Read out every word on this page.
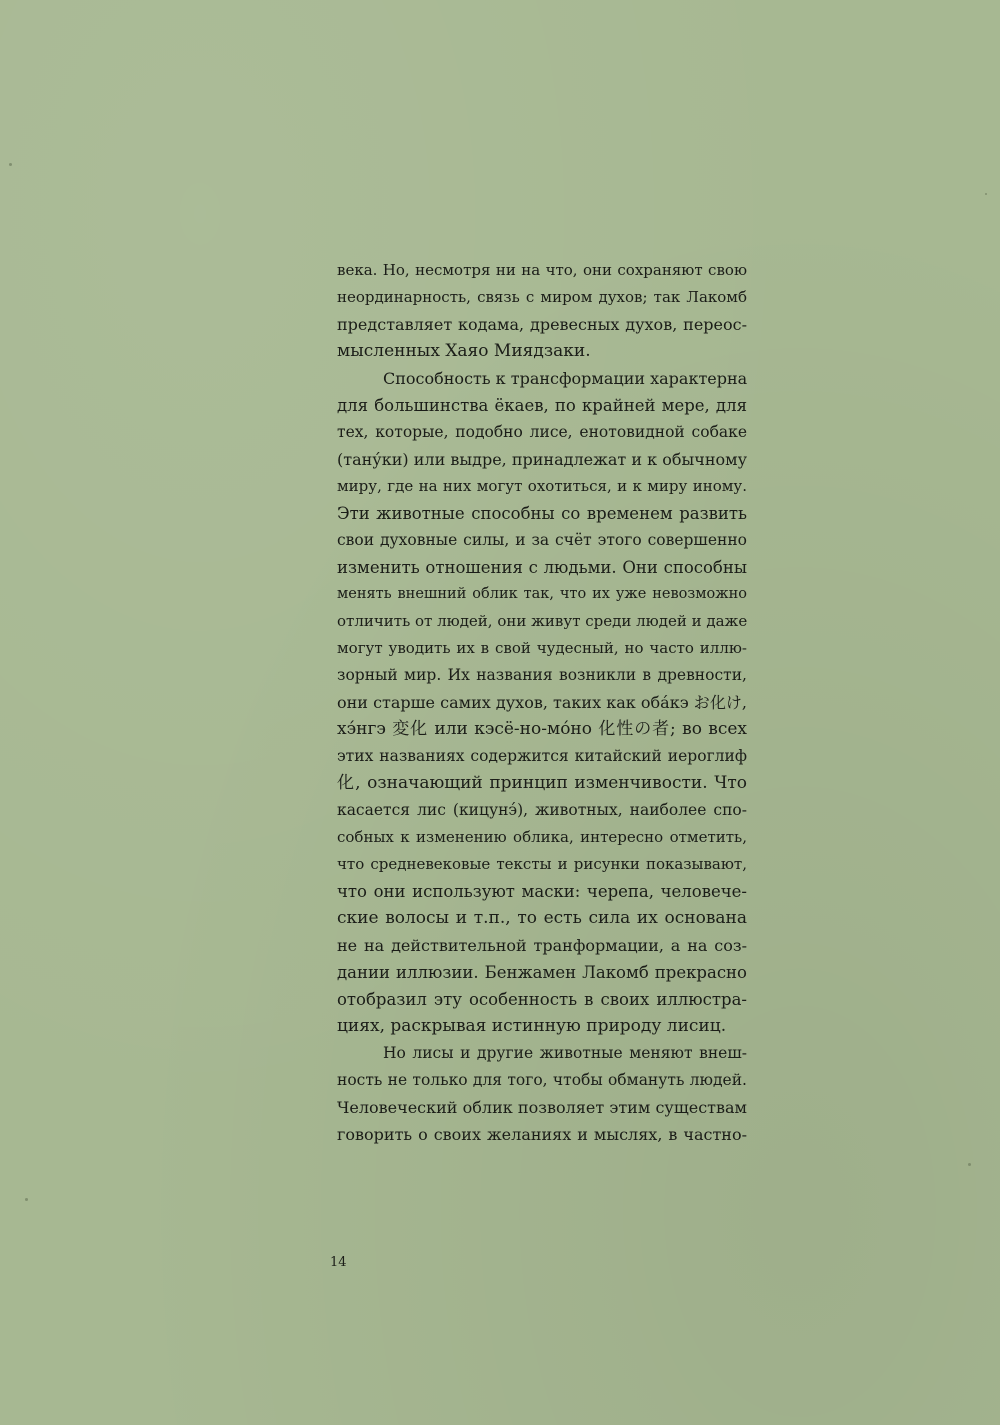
века. Но, несмотря ни на что, они сохраняют свою
неординарность, связь с миром духов; так Лакомб
представляет кодама, древесных духов, переос-
мысленных Хаяо Миядзаки.
Способность к трансформации характерна
для большинства ёкаев, по крайней мере, для
тех, которые, подобно лисе, енотовидной собаке
(тану́ки) или выдре, принадлежат и к обычному
миру, где на них могут охотиться, и к миру иному.
Эти животные способны со временем развить
свои духовные силы, и за счёт этого совершенно
изменить отношения с людьми. Они способны
менять внешний облик так, что их уже невозможно
отличить от людей, они живут среди людей и даже
могут уводить их в свой чудесный, но часто иллю-
зорный мир. Их названия возникли в древности,
они старше самих духов, таких как оба́кэ お化け,
хэ́нгэ 変化 или кэсё-но-мо́но 化性の者; во всех
этих названиях содержится китайский иероглиф
化, означающий принцип изменчивости. Что
касается лис (кицунэ́), животных, наиболее спо-
собных к изменению облика, интересно отметить,
что средневековые тексты и рисунки показывают,
что они используют маски: черепа, человече-
ские волосы и т.п., то есть сила их основана
не на действительной транформации, а на соз-
дании иллюзии. Бенжамен Лакомб прекрасно
отобразил эту особенность в своих иллюстра-
циях, раскрывая истинную природу лисиц.
Но лисы и другие животные меняют внеш-
ность не только для того, чтобы обмануть людей.
Человеческий облик позволяет этим существам
говорить о своих желаниях и мыслях, в частно-
14
